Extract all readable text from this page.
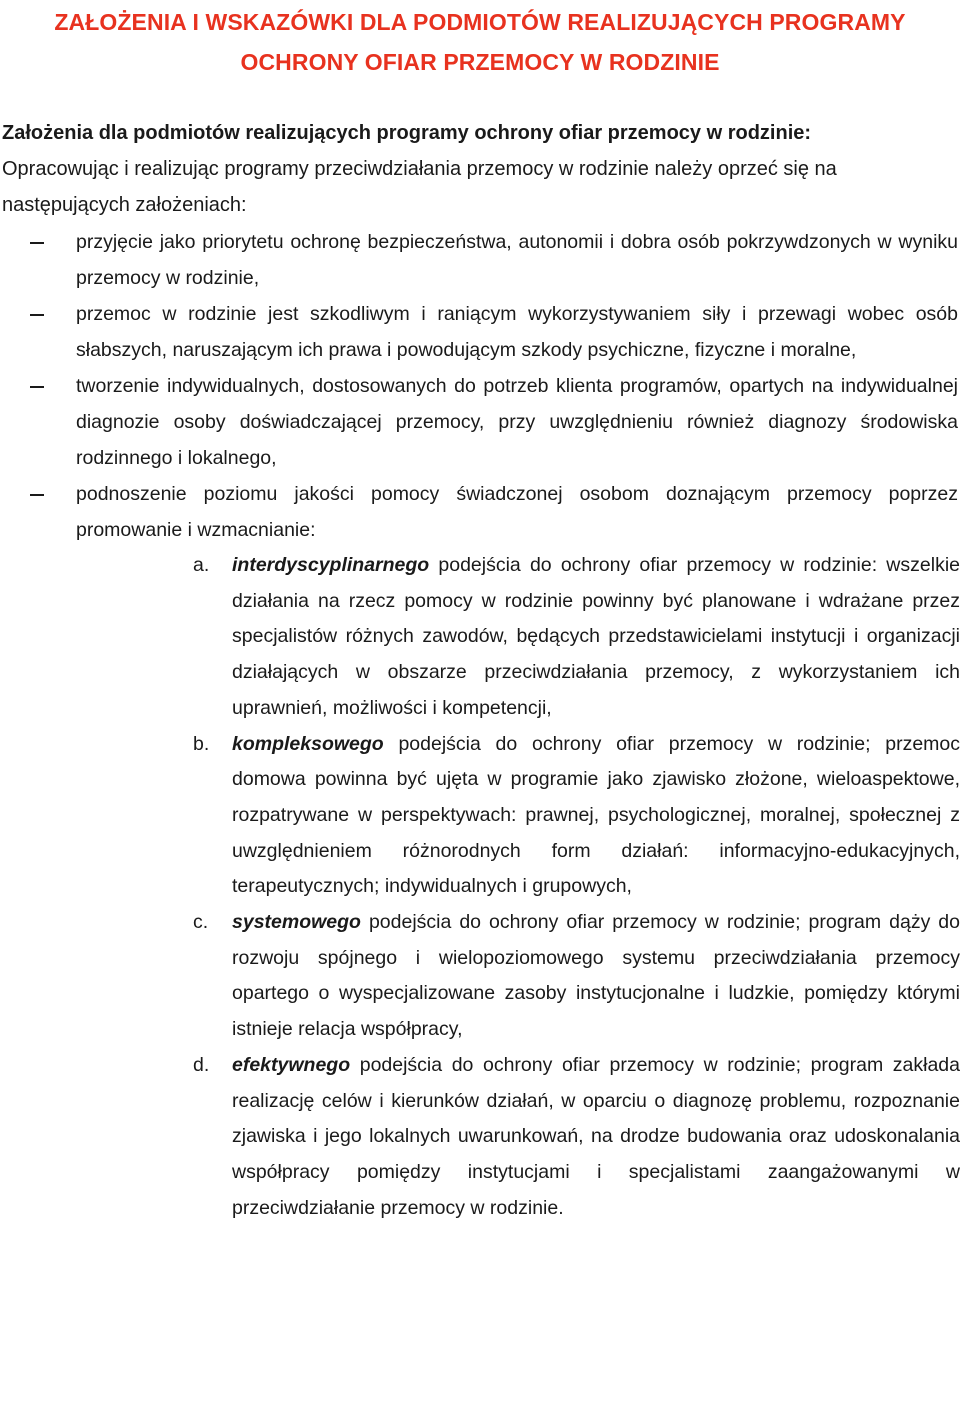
ZAŁOŻENIA I WSKAZÓWKI DLA PODMIOTÓW REALIZUJĄCYCH PROGRAMY
OCHRONY OFIAR PRZEMOCY W RODZINIE

Założenia dla podmiotów realizujących programy ochrony ofiar przemocy w rodzinie:

Opracowując i realizując programy przeciwdziałania przemocy w rodzinie należy oprzeć się na następujących założeniach:

przyjęcie jako priorytetu ochronę bezpieczeństwa, autonomii i dobra osób pokrzywdzonych w wyniku przemocy w rodzinie,
przemoc w rodzinie jest szkodliwym i raniącym wykorzystywaniem siły i przewagi wobec osób słabszych, naruszającym ich prawa i powodującym szkody psychiczne, fizyczne i moralne,
tworzenie indywidualnych, dostosowanych do potrzeb klienta programów, opartych na indywidualnej diagnozie osoby doświadczającej przemocy, przy uwzględnieniu również diagnozy środowiska rodzinnego i lokalnego,
podnoszenie poziomu jakości pomocy świadczonej osobom doznającym przemocy poprzez promowanie i wzmacnianie:
a. interdyscyplinarnego podejścia do ochrony ofiar przemocy w rodzinie: wszelkie działania na rzecz pomocy w rodzinie powinny być planowane i wdrażane przez specjalistów różnych zawodów, będących przedstawicielami instytucji i organizacji działających w obszarze przeciwdziałania przemocy, z wykorzystaniem ich uprawnień, możliwości i kompetencji,
b. kompleksowego podejścia do ochrony ofiar przemocy w rodzinie; przemoc domowa powinna być ujęta w programie jako zjawisko złożone, wieloaspektowe, rozpatrywane w perspektywach: prawnej, psychologicznej, moralnej, społecznej z uwzględnieniem różnorodnych form działań: informacyjno-edukacyjnych, terapeutycznych; indywidualnych i grupowych,
c. systemowego podejścia do ochrony ofiar przemocy w rodzinie; program dąży do rozwoju spójnego i wielopoziomowego systemu przeciwdziałania przemocy opartego o wyspecjalizowane zasoby instytucjonalne i ludzkie, pomiędzy którymi istnieje relacja współpracy,
d. efektywnego podejścia do ochrony ofiar przemocy w rodzinie; program zakłada realizację celów i kierunków działań, w oparciu o diagnozę problemu, rozpoznanie zjawiska i jego lokalnych uwarunkowań, na drodze budowania oraz udoskonalania współpracy pomiędzy instytucjami i specjalistami zaangażowanymi w przeciwdziałanie przemocy w rodzinie.
